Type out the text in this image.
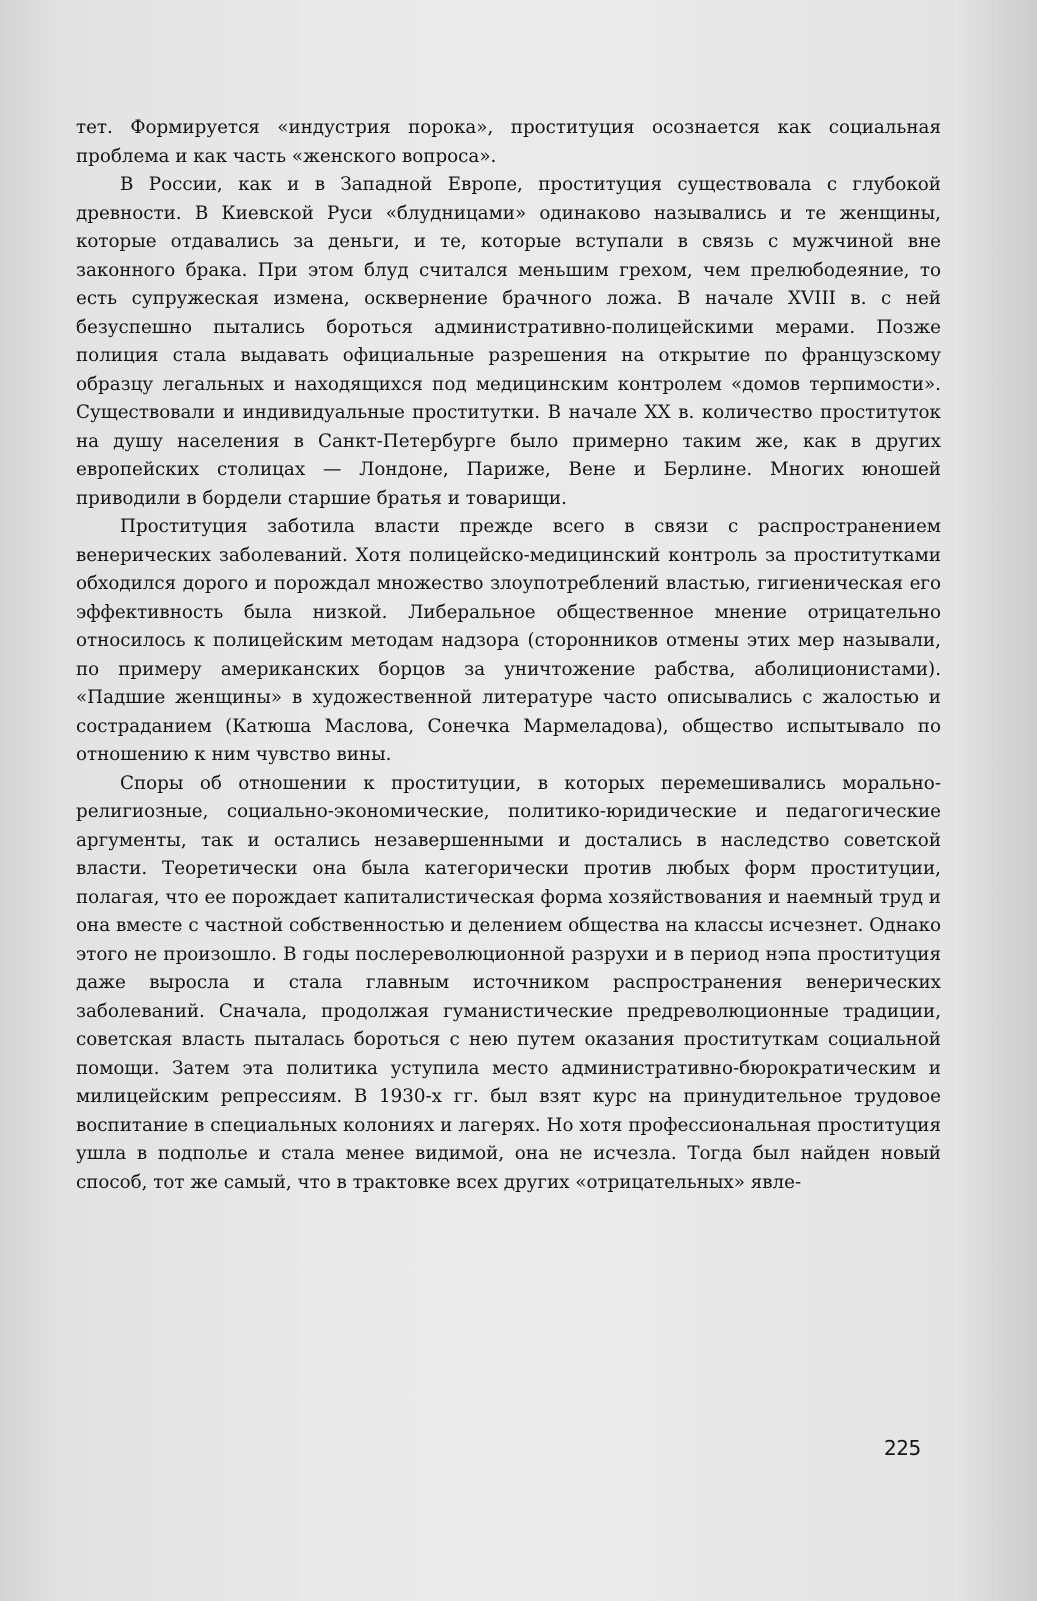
тет. Формируется «индустрия порока», проституция осознается как социальная проблема и как часть «женского вопроса».

В России, как и в Западной Европе, проституция существовала с глубокой древности. В Киевской Руси «блудницами» одинаково назывались и те женщины, которые отдавались за деньги, и те, которые вступали в связь с мужчиной вне законного брака. При этом блуд считался меньшим грехом, чем прелюбодеяние, то есть супружеская измена, осквернение брачного ложа. В начале XVIII в. с ней безуспешно пытались бороться административно-полицейскими мерами. Позже полиция стала выдавать официальные разрешения на открытие по французскому образцу легальных и находящихся под медицинским контролем «домов терпимости». Существовали и индивидуальные проститутки. В начале XX в. количество проституток на душу населения в Санкт-Петербурге было примерно таким же, как в других европейских столицах — Лондоне, Париже, Вене и Берлине. Многих юношей приводили в бордели старшие братья и товарищи.

Проституция заботила власти прежде всего в связи с распространением венерических заболеваний. Хотя полицейско-медицинский контроль за проститутками обходился дорого и порождал множество злоупотреблений властью, гигиеническая его эффективность была низкой. Либеральное общественное мнение отрицательно относилось к полицейским методам надзора (сторонников отмены этих мер называли, по примеру американских борцов за уничтожение рабства, аболиционистами). «Падшие женщины» в художественной литературе часто описывались с жалостью и состраданием (Катюша Маслова, Сонечка Мармеладова), общество испытывало по отношению к ним чувство вины.

Споры об отношении к проституции, в которых перемешивались морально-религиозные, социально-экономические, политико-юридические и педагогические аргументы, так и остались незавершенными и достались в наследство советской власти. Теоретически она была категорически против любых форм проституции, полагая, что ее порождает капиталистическая форма хозяйствования и наемный труд и она вместе с частной собственностью и делением общества на классы исчезнет. Однако этого не произошло. В годы послереволюционной разрухи и в период нэпа проституция даже выросла и стала главным источником распространения венерических заболеваний. Сначала, продолжая гуманистические предреволюционные традиции, советская власть пыталась бороться с нею путем оказания проституткам социальной помощи. Затем эта политика уступила место административно-бюрократическим и милицейским репрессиям. В 1930-х гг. был взят курс на принудительное трудовое воспитание в специальных колониях и лагерях. Но хотя профессиональная проституция ушла в подполье и стала менее видимой, она не исчезла. Тогда был найден новый способ, тот же самый, что в трактовке всех других «отрицательных» явле-

225
